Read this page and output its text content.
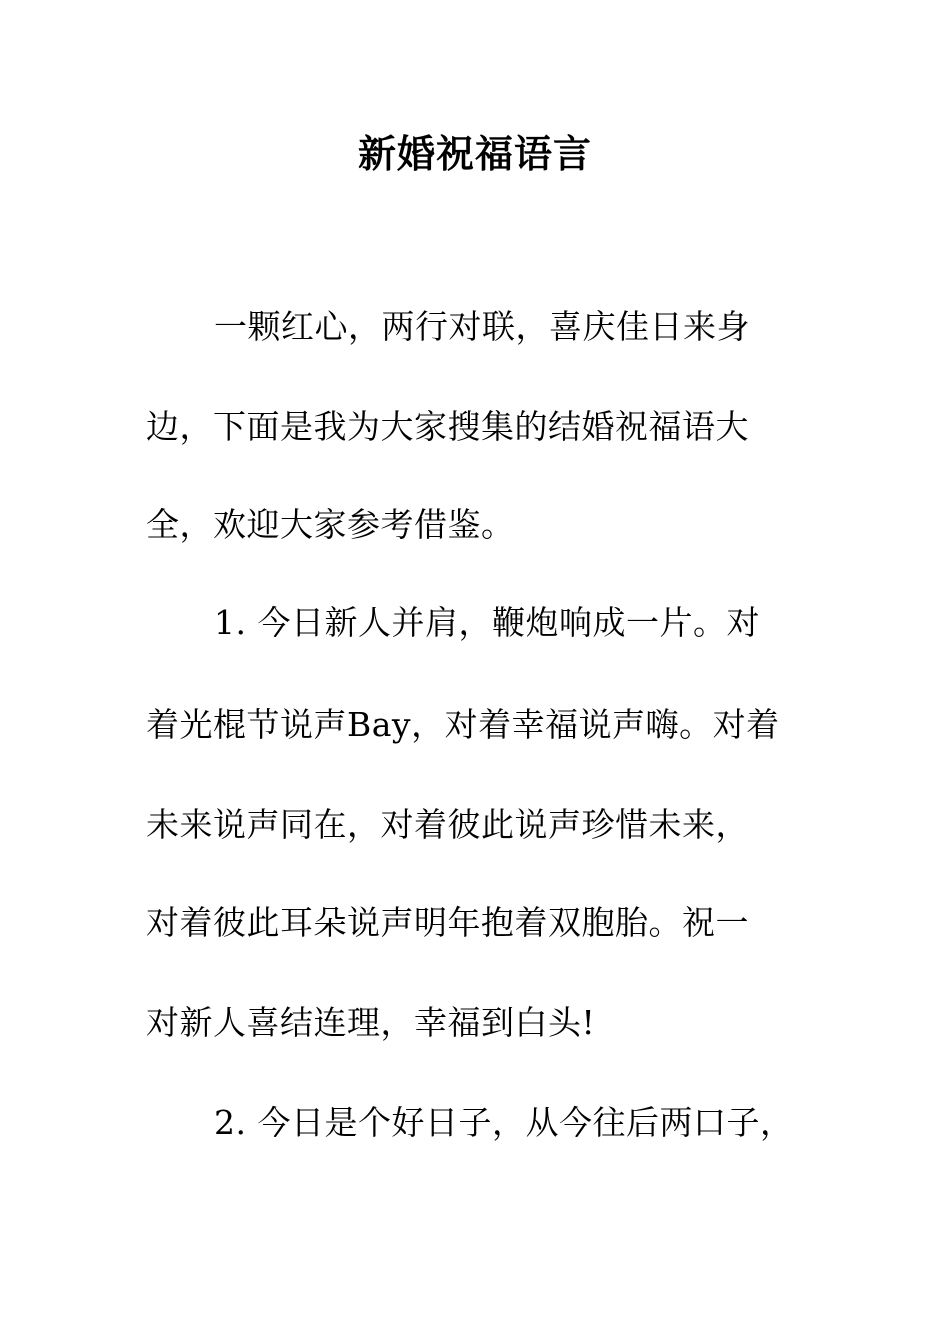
新婚祝福语言
一颗红心，两行对联，喜庆佳日来身
边，下面是我为大家搜集的结婚祝福语大
全，欢迎大家参考借鉴。
1. 今日新人并肩，鞭炮响成一片。对
着光棍节说声Bay，对着幸福说声嗨。对着
未来说声同在，对着彼此说声珍惜未来，
对着彼此耳朵说声明年抱着双胞胎。祝一
对新人喜结连理，幸福到白头!
2. 今日是个好日子，从今往后两口子，
